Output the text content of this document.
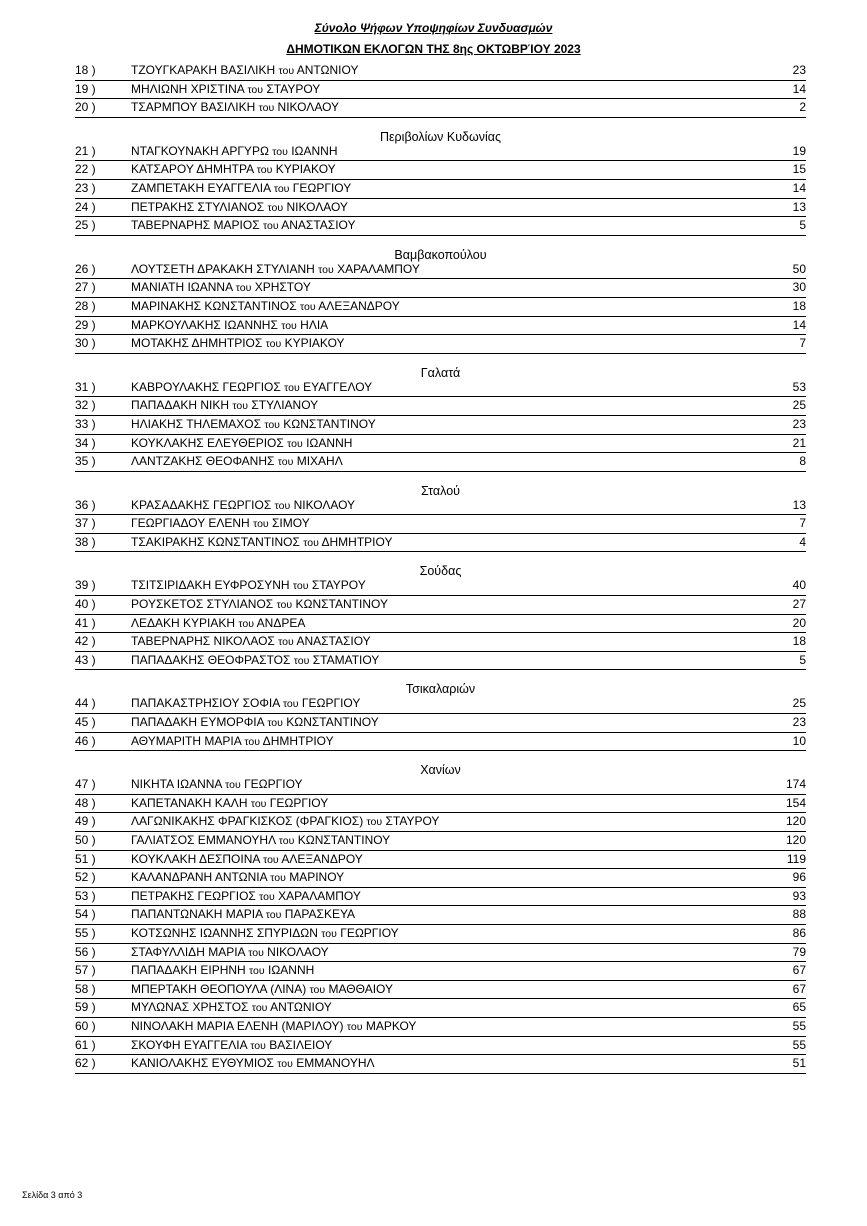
Σύνολο Ψήφων Υποψηφίων Συνδυασμών
ΔΗΜΟΤΙΚΩΝ ΕΚΛΟΓΩΝ ΤΗΣ 8ης ΟΚΤΩΒΡΊΟΥ 2023
18 )	ΤΖΟΥΓΚΑΡΑΚΗ ΒΑΣΙΛΙΚΗ του ΑΝΤΩΝΙΟΥ	23
19 )	ΜΗΛΙΩΝΗ ΧΡΙΣΤΙΝΑ του ΣΤΑΥΡΟΥ	14
20 )	ΤΣΑΡΜΠΟΥ ΒΑΣΙΛΙΚΗ του ΝΙΚΟΛΑΟΥ	2
Περιβολίων Κυδωνίας
21 )	ΝΤΑΓΚΟΥΝΑΚΗ ΑΡΓΥΡΩ του ΙΩΑΝΝΗ	19
22 )	ΚΑΤΣΑΡΟΥ ΔΗΜΗΤΡΑ του ΚΥΡΙΑΚΟΥ	15
23 )	ΖΑΜΠΕΤΑΚΗ ΕΥΑΓΓΕΛΙΑ του ΓΕΩΡΓΙΟΥ	14
24 )	ΠΕΤΡΑΚΗΣ ΣΤΥΛΙΑΝΟΣ του ΝΙΚΟΛΑΟΥ	13
25 )	ΤΑΒΕΡΝΑΡΗΣ ΜΑΡΙΟΣ του ΑΝΑΣΤΑΣΙΟΥ	5
Βαμβακοπούλου
26 )	ΛΟΥΤΣΕΤΗ ΔΡΑΚΑΚΗ ΣΤΥΛΙΑΝΗ του ΧΑΡΑΛΑΜΠΟΥ	50
27 )	ΜΑΝΙΑΤΗ ΙΩΑΝΝΑ του ΧΡΗΣΤΟΥ	30
28 )	ΜΑΡΙΝΑΚΗΣ ΚΩΝΣΤΑΝΤΙΝΟΣ του ΑΛΕΞΑΝΔΡΟΥ	18
29 )	ΜΑΡΚΟΥΛΑΚΗΣ ΙΩΑΝΝΗΣ του ΗΛΙΑ	14
30 )	ΜΟΤΑΚΗΣ ΔΗΜΗΤΡΙΟΣ του ΚΥΡΙΑΚΟΥ	7
Γαλατά
31 )	ΚΑΒΡΟΥΛΑΚΗΣ ΓΕΩΡΓΙΟΣ του ΕΥΑΓΓΕΛΟΥ	53
32 )	ΠΑΠΑΔΑΚΗ ΝΙΚΗ του ΣΤΥΛΙΑΝΟΥ	25
33 )	ΗΛΙΑΚΗΣ ΤΗΛΕΜΑΧΟΣ του ΚΩΝΣΤΑΝΤΙΝΟΥ	23
34 )	ΚΟΥΚΛΑΚΗΣ ΕΛΕΥΘΕΡΙΟΣ του ΙΩΑΝΝΗ	21
35 )	ΛΑΝΤΖΑΚΗΣ ΘΕΟΦΑΝΗΣ του ΜΙΧΑΗΛ	8
Σταλού
36 )	ΚΡΑΣΑΔΑΚΗΣ ΓΕΩΡΓΙΟΣ του ΝΙΚΟΛΑΟΥ	13
37 )	ΓΕΩΡΓΙΑΔΟΥ ΕΛΕΝΗ του ΣΙΜΟΥ	7
38 )	ΤΣΑΚΙΡΑΚΗΣ ΚΩΝΣΤΑΝΤΙΝΟΣ του ΔΗΜΗΤΡΙΟΥ	4
Σούδας
39 )	ΤΣΙΤΣΙΡΙΔΑΚΗ ΕΥΦΡΟΣΥΝΗ του ΣΤΑΥΡΟΥ	40
40 )	ΡΟΥΣΚΕΤΟΣ ΣΤΥΛΙΑΝΟΣ του ΚΩΝΣΤΑΝΤΙΝΟΥ	27
41 )	ΛΕΔΑΚΗ ΚΥΡΙΑΚΗ του ΑΝΔΡΕΑ	20
42 )	ΤΑΒΕΡΝΑΡΗΣ ΝΙΚΟΛΑΟΣ του ΑΝΑΣΤΑΣΙΟΥ	18
43 )	ΠΑΠΑΔΑΚΗΣ ΘΕΟΦΡΑΣΤΟΣ του ΣΤΑΜΑΤΙΟΥ	5
Τσικαλαριών
44 )	ΠΑΠΑΚΑΣΤΡΗΣΙΟΥ ΣΟΦΙΑ του ΓΕΩΡΓΙΟΥ	25
45 )	ΠΑΠΑΔΑΚΗ ΕΥΜΟΡΦΙΑ του ΚΩΝΣΤΑΝΤΙΝΟΥ	23
46 )	ΑΘΥΜΑΡΙΤΗ ΜΑΡΙΑ του ΔΗΜΗΤΡΙΟΥ	10
Χανίων
47 )	ΝΙΚΗΤΑ ΙΩΑΝΝΑ του ΓΕΩΡΓΙΟΥ	174
48 )	ΚΑΠΕΤΑΝΑΚΗ ΚΑΛΗ του ΓΕΩΡΓΙΟΥ	154
49 )	ΛΑΓΩΝΙΚΑΚΗΣ ΦΡΑΓΚΙΣΚΟΣ (ΦΡΑΓΚΙΟΣ) του ΣΤΑΥΡΟΥ	120
50 )	ΓΑΛΙΑΤΣΟΣ ΕΜΜΑΝΟΥΗΛ του ΚΩΝΣΤΑΝΤΙΝΟΥ	120
51 )	ΚΟΥΚΛΑΚΗ ΔΕΣΠΟΙΝΑ του ΑΛΕΞΑΝΔΡΟΥ	119
52 )	ΚΑΛΑΝΔΡΑΝΗ ΑΝΤΩΝΙΑ του ΜΑΡΙΝΟΥ	96
53 )	ΠΕΤΡΑΚΗΣ ΓΕΩΡΓΙΟΣ του ΧΑΡΑΛΑΜΠΟΥ	93
54 )	ΠΑΠΑΝΤΩΝΑΚΗ ΜΑΡΙΑ του ΠΑΡΑΣΚΕΥΑ	88
55 )	ΚΟΤΣΩΝΗΣ ΙΩΑΝΝΗΣ ΣΠΥΡΙΔΩΝ του ΓΕΩΡΓΙΟΥ	86
56 )	ΣΤΑΦΥΛΛΙΔΗ ΜΑΡΙΑ του ΝΙΚΟΛΑΟΥ	79
57 )	ΠΑΠΑΔΑΚΗ ΕΙΡΗΝΗ του ΙΩΑΝΝΗ	67
58 )	ΜΠΕΡΤΑΚΗ ΘΕΟΠΟΥΛΑ (ΛΙΝΑ) του ΜΑΘΘΑΙΟΥ	67
59 )	ΜΥΛΩΝΑΣ ΧΡΗΣΤΟΣ του ΑΝΤΩΝΙΟΥ	65
60 )	ΝΙΝΟΛΑΚΗ ΜΑΡΙΑ ΕΛΕΝΗ (ΜΑΡΙΛΟΥ) του ΜΑΡΚΟΥ	55
61 )	ΣΚΟΥΦΗ ΕΥΑΓΓΕΛΙΑ του ΒΑΣΙΛΕΙΟΥ	55
62 )	ΚΑΝΙΟΛΑΚΗΣ ΕΥΘΥΜΙΟΣ του ΕΜΜΑΝΟΥΗΛ	51
Σελίδα 3 από 3
